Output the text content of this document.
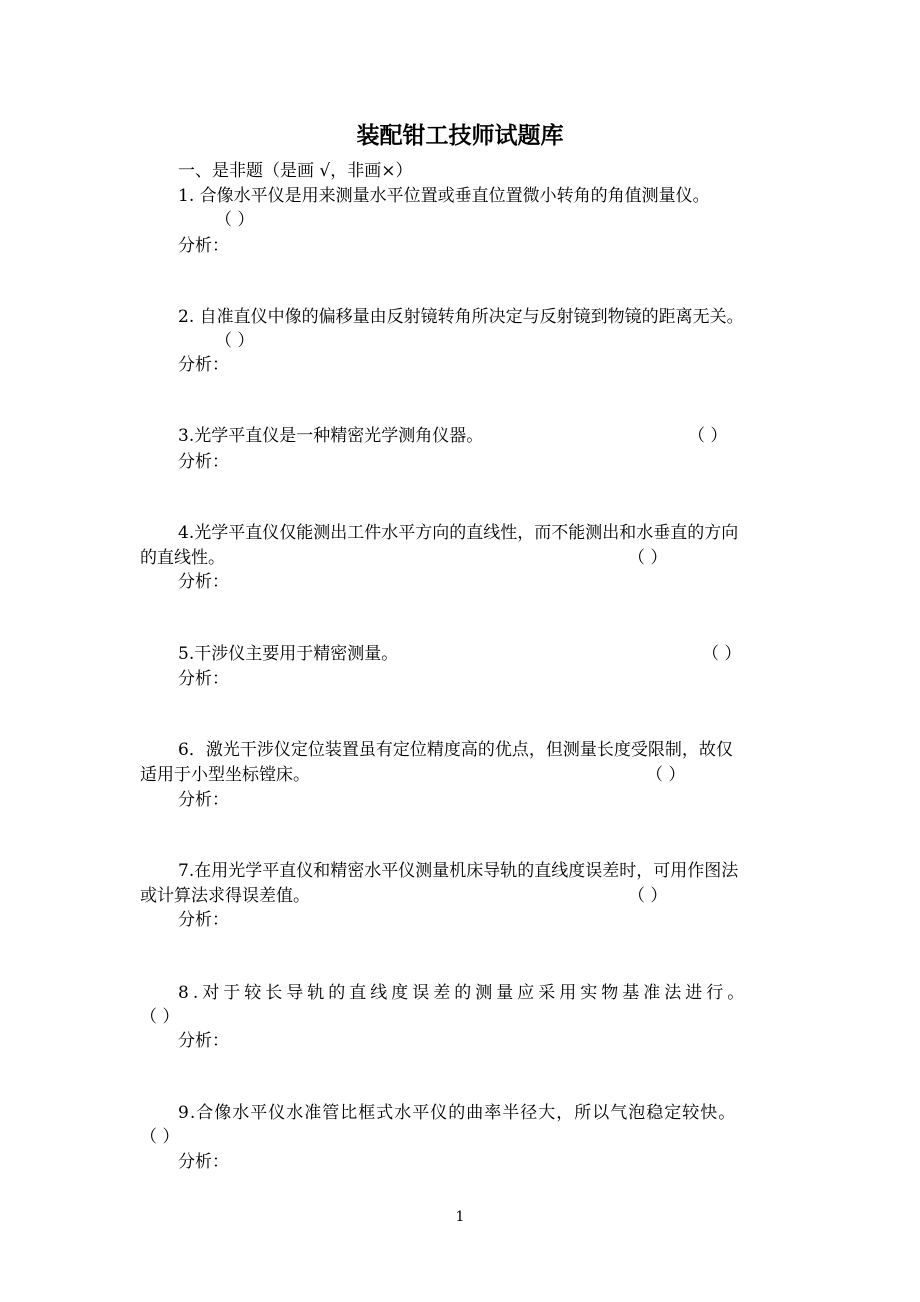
装配钳工技师试题库
一、是非题（是画 √，非画×）
1. 合像水平仪是用来测量水平位置或垂直位置微小转角的角值测量仪。
（ ）
分析：
2. 自准直仪中像的偏移量由反射镜转角所决定与反射镜到物镜的距离无关。
（ ）
分析：
3.光学平直仪是一种精密光学测角仪器。	（ ）
分析：
4.光学平直仪仅能测出工件水平方向的直线性，而不能测出和水垂直的方向
的直线性。	（ ）
分析：
5.干涉仪主要用于精密测量。	（ ）
分析：
6．激光干涉仪定位装置虽有定位精度高的优点，但测量长度受限制，故仅
适用于小型坐标镗床。	（ ）
分析：
7.在用光学平直仪和精密水平仪测量机床导轨的直线度误差时，可用作图法
或计算法求得误差值。	（ ）
分析：
8.对于较长导轨的直线度误差的测量应采用实物基准法进行。
（ ）
分析：
9.合像水平仪水准管比框式水平仪的曲率半径大，所以气泡稳定较快。
（ ）
分析：
1
